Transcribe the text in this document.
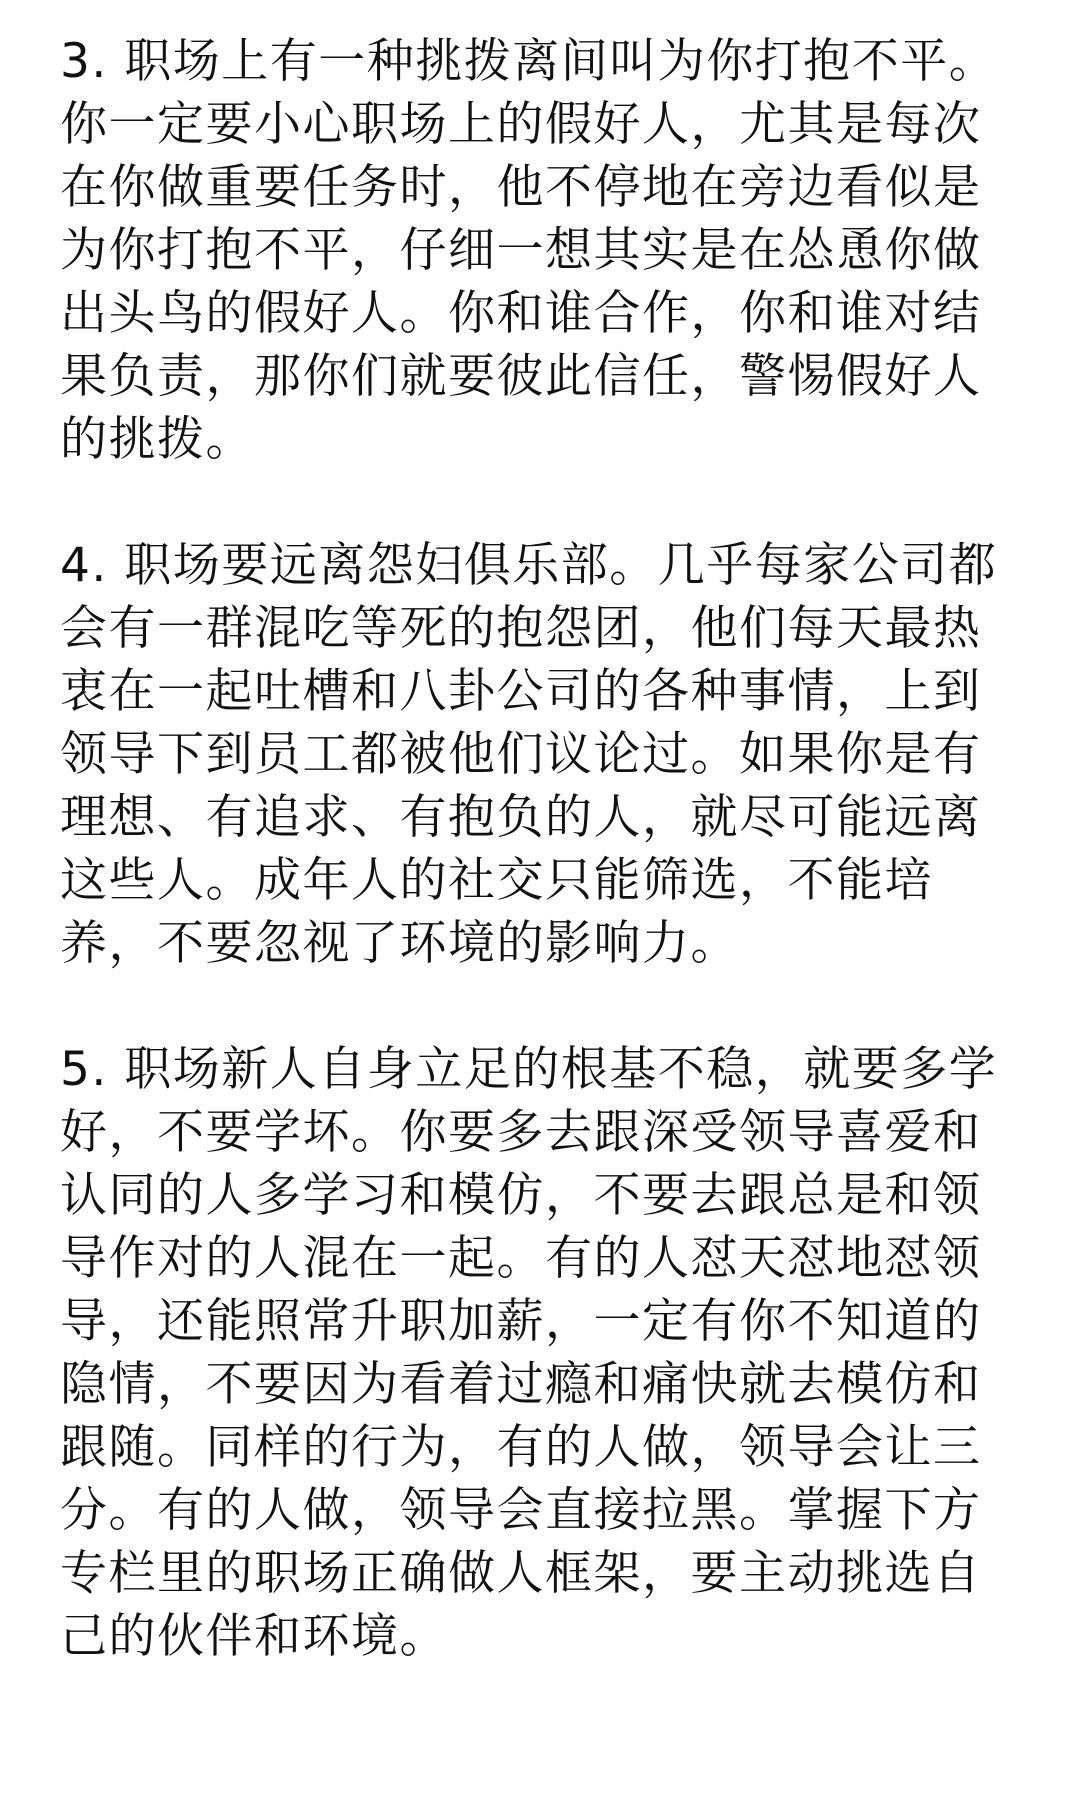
3. 职场上有一种挑拨离间叫为你打抱不平。你一定要小心职场上的假好人，尤其是每次在你做重要任务时，他不停地在旁边看似是为你打抱不平，仔细一想其实是在怂恿你做出头鸟的假好人。你和谁合作，你和谁对结果负责，那你们就要彼此信任，警惕假好人的挑拨。

4. 职场要远离怨妇俱乐部。几乎每家公司都会有一群混吃等死的抱怨团，他们每天最热衷在一起吐槽和八卦公司的各种事情，上到领导下到员工都被他们议论过。如果你是有理想、有追求、有抱负的人，就尽可能远离这些人。成年人的社交只能筛选，不能培养，不要忽视了环境的影响力。

5. 职场新人自身立足的根基不稳，就要多学好，不要学坏。你要多去跟深受领导喜爱和认同的人多学习和模仿，不要去跟总是和领导作对的人混在一起。有的人怼天怼地怼领导，还能照常升职加薪，一定有你不知道的隐情，不要因为看着过瘾和痛快就去模仿和跟随。同样的行为，有的人做，领导会让三分。有的人做，领导会直接拉黑。掌握下方专栏里的职场正确做人框架，要主动挑选自己的伙伴和环境。
